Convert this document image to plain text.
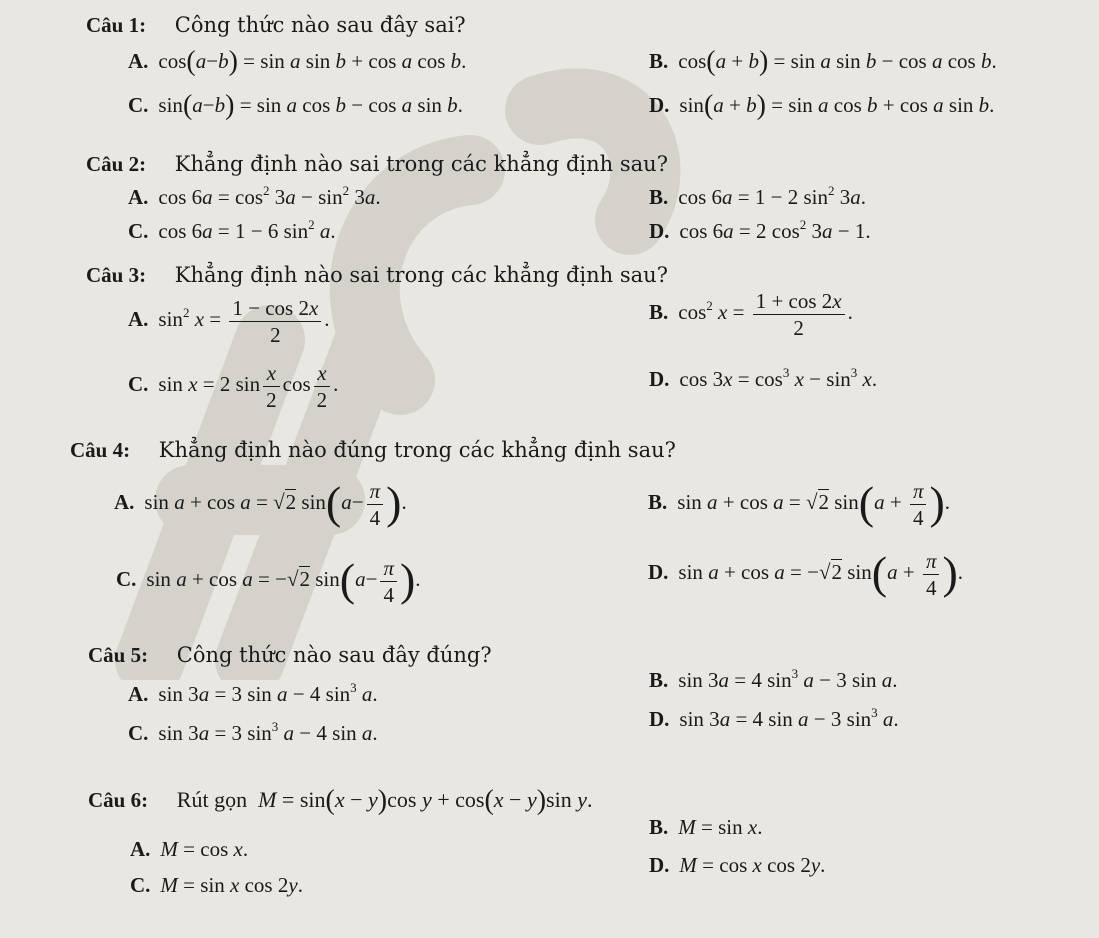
Câu 1: Công thức nào sau đây sai?
A. cos(a−b) = sin a sin b + cos a cos b.	B. cos(a + b) = sin a sin b − cos a cos b.
C. sin(a−b) = sin a cos b − cos a sin b.	D. sin(a + b) = sin a cos b + cos a sin b.
Câu 2: Khẳng định nào sai trong các khẳng định sau?
A. $\cos 6a = \cos^2 3a - \sin^2 3a$.	B. cos 6a = 1 − 2 $\sin^2 3a$.
C. cos 6a = 1 − 6 $\sin^2 a$.	D. cos 6a = 2 $\cos^2 3a - 1$.
Câu 3: Khẳng định nào sai trong các khẳng định sau?
A. $\sin^2 x = \frac{1 - \cos 2x}{2}$ .	B. $\cos^2 x = \frac{1 + \cos 2x}{2}$ .
C. sin x = 2 $\sin \frac{x}{2}$ $\cos \frac{x}{2}$ .	D. $\cos 3x = \cos^3 x - \sin^3 x$.
Câu 4: Khẳng định nào đúng trong các khẳng định sau?
A. sin a + cos a = √2 $\sin(a- \frac{\pi}{4}$ ).	B. sin a + cos a = √2 $\sin(a + \frac{\pi}{4}$ ).
C. sin a + cos a = −√2 $\sin(a- \frac{\pi}{4}$ ).	D. sin a + cos a = −√2 $\sin(a + \frac{\pi}{4}$ ).
Câu 5: Công thức nào sau đây đúng?
A. sin 3a = 3 sin a − 4 $\sin^3 a$.
B. sin 3a = 4 $\sin^3 a - 3$ sin a.
C. sin 3a = 3 $\sin^3 a - 4$ sin a.
D. sin 3a = 4 sin a − 3 $\sin^3 a$.
Câu 6: Rút gọn  M = sin(x − y)cos y + cos(x − y)sin y.
A. M = cos x.
B. M = sin x.
C. M = sin x cos 2y.
D. M = cos x cos 2y.
